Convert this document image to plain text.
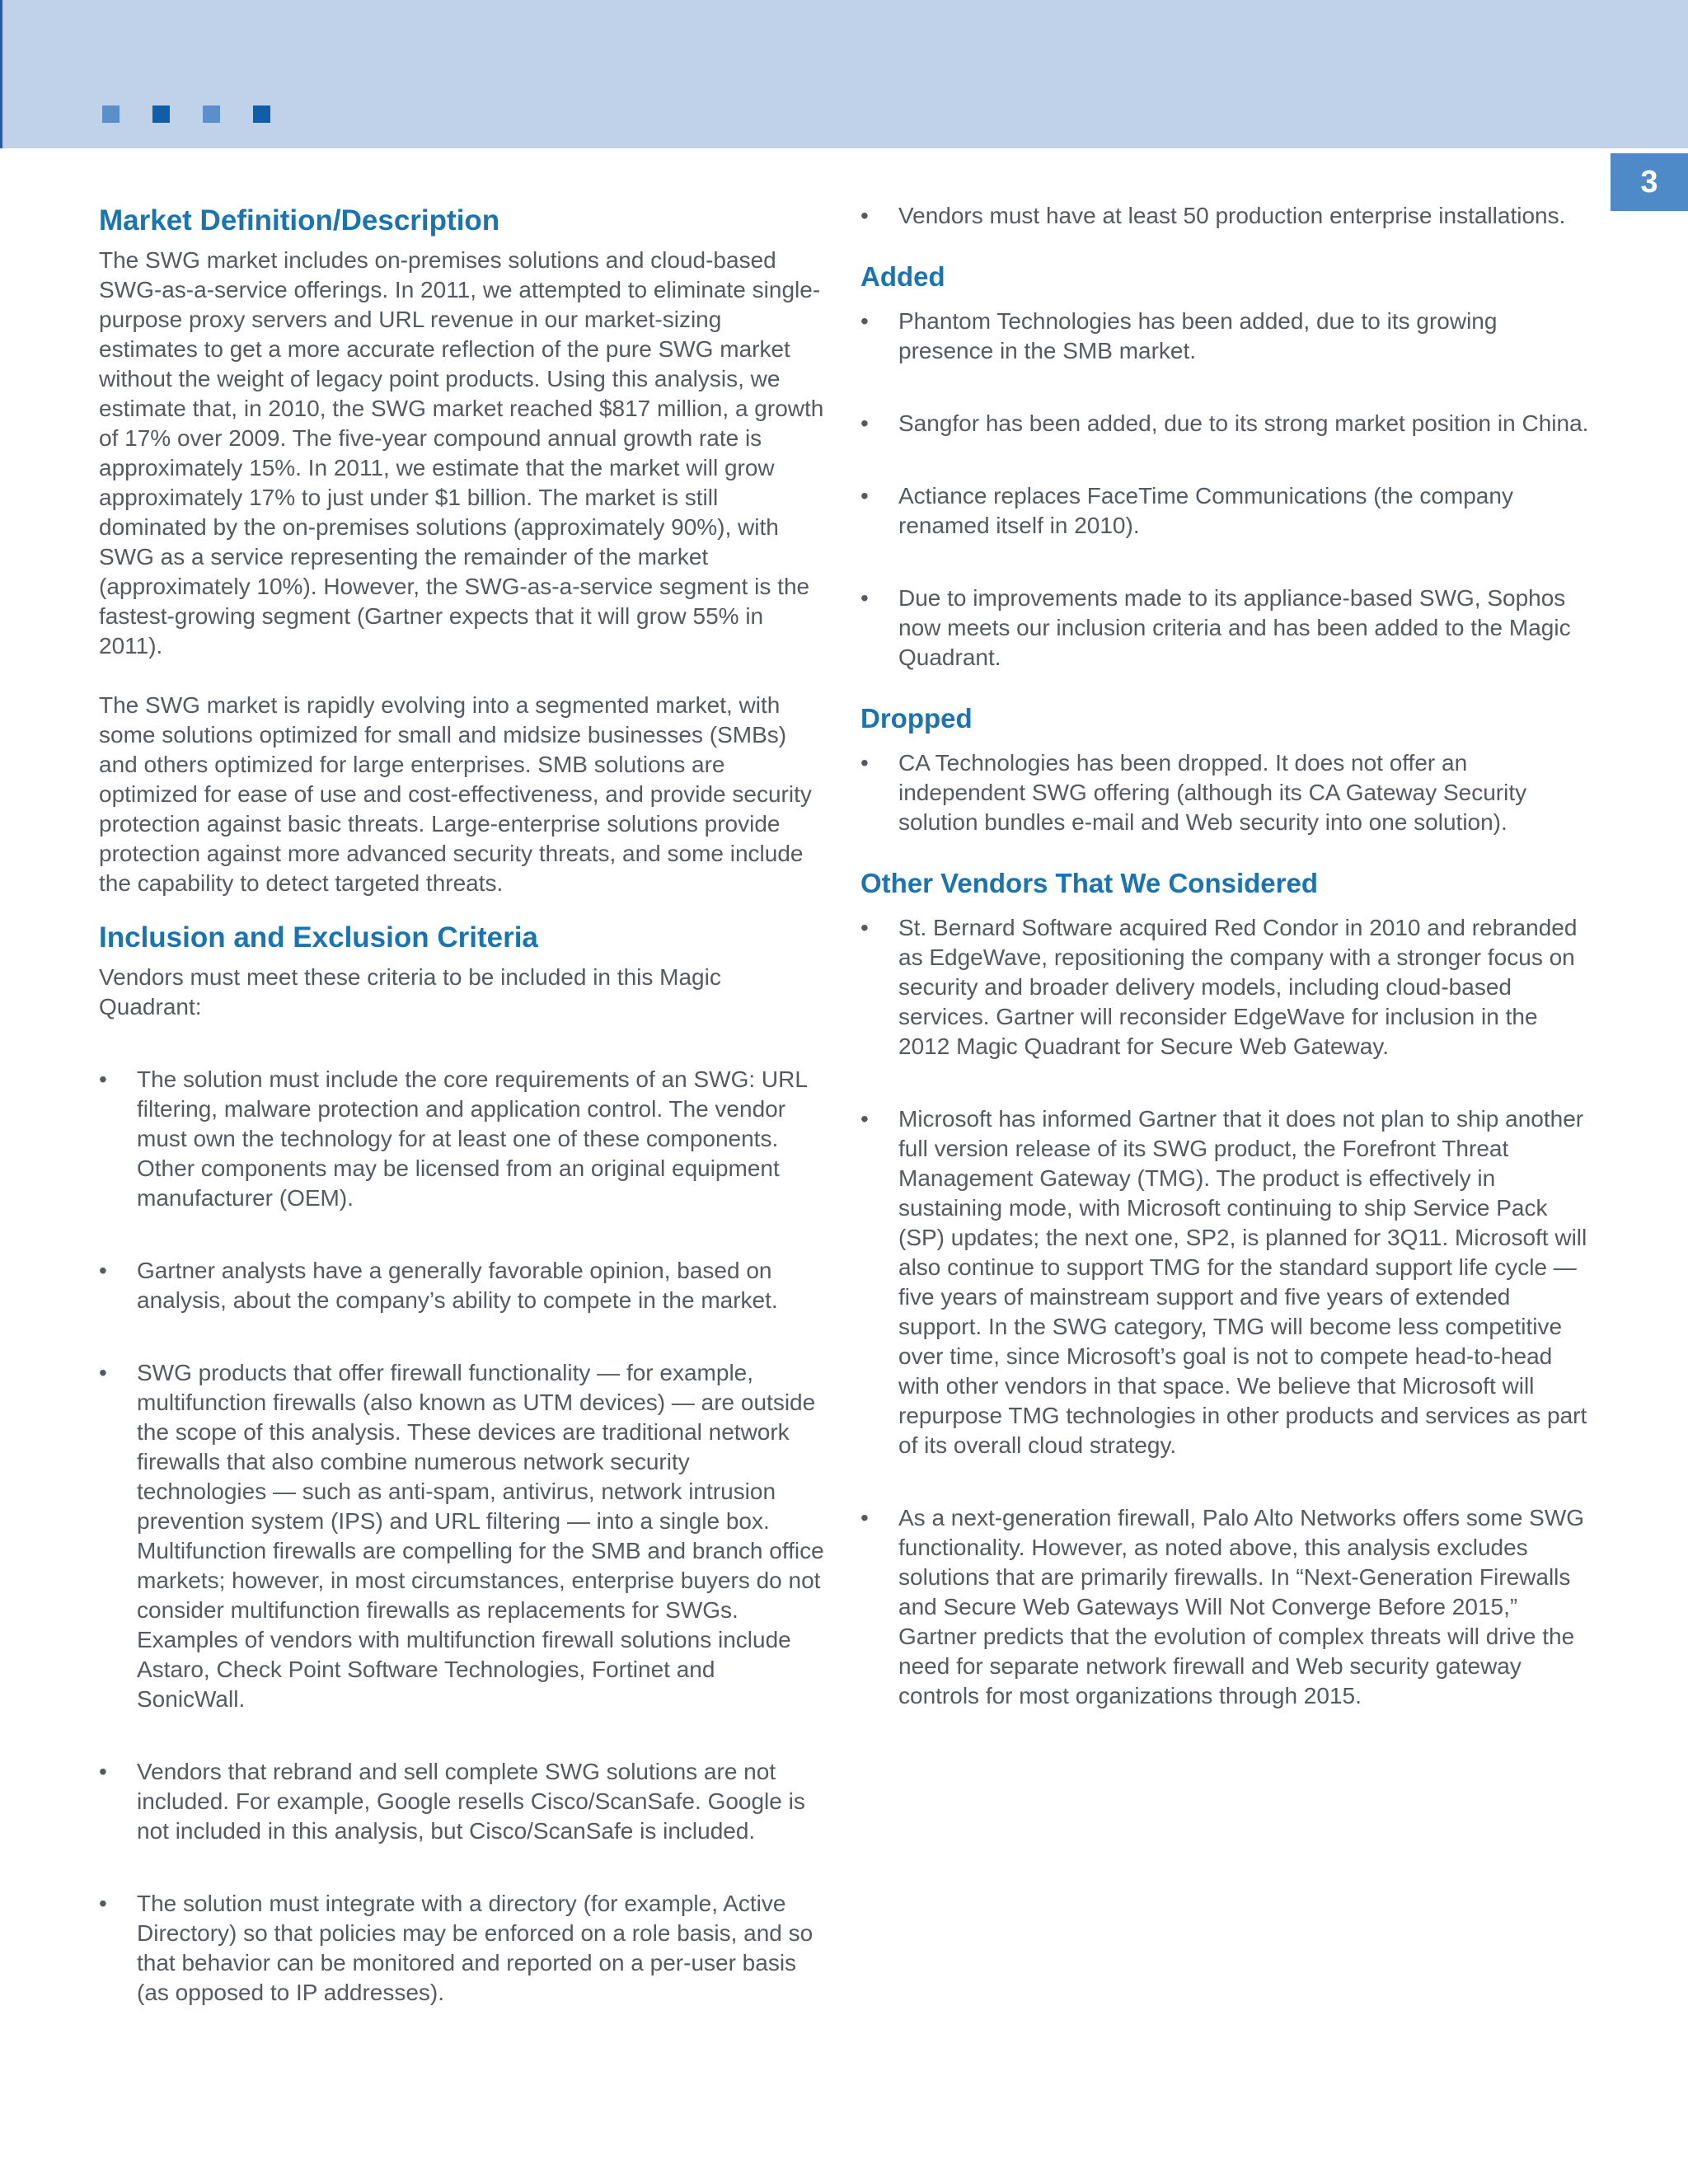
3
Market Definition/Description

The SWG market includes on-premises solutions and cloud-based SWG-as-a-service offerings. In 2011, we attempted to eliminate single-purpose proxy servers and URL revenue in our market-sizing estimates to get a more accurate reflection of the pure SWG market without the weight of legacy point products. Using this analysis, we estimate that, in 2010, the SWG market reached $817 million, a growth of 17% over 2009. The five-year compound annual growth rate is approximately 15%. In 2011, we estimate that the market will grow approximately 17% to just under $1 billion. The market is still dominated by the on-premises solutions (approximately 90%), with SWG as a service representing the remainder of the market (approximately 10%). However, the SWG-as-a-service segment is the fastest-growing segment (Gartner expects that it will grow 55% in 2011).

The SWG market is rapidly evolving into a segmented market, with some solutions optimized for small and midsize businesses (SMBs) and others optimized for large enterprises. SMB solutions are optimized for ease of use and cost-effectiveness, and provide security protection against basic threats. Large-enterprise solutions provide protection against more advanced security threats, and some include the capability to detect targeted threats.

Inclusion and Exclusion Criteria

Vendors must meet these criteria to be included in this Magic Quadrant:

• The solution must include the core requirements of an SWG: URL filtering, malware protection and application control. The vendor must own the technology for at least one of these components. Other components may be licensed from an original equipment manufacturer (OEM).
• Gartner analysts have a generally favorable opinion, based on analysis, about the company’s ability to compete in the market.
• SWG products that offer firewall functionality — for example, multifunction firewalls (also known as UTM devices) — are outside the scope of this analysis. These devices are traditional network firewalls that also combine numerous network security technologies — such as anti-spam, antivirus, network intrusion prevention system (IPS) and URL filtering — into a single box. Multifunction firewalls are compelling for the SMB and branch office markets; however, in most circumstances, enterprise buyers do not consider multifunction firewalls as replacements for SWGs. Examples of vendors with multifunction firewall solutions include Astaro, Check Point Software Technologies, Fortinet and SonicWall.
• Vendors that rebrand and sell complete SWG solutions are not included. For example, Google resells Cisco/ScanSafe. Google is not included in this analysis, but Cisco/ScanSafe is included.
• The solution must integrate with a directory (for example, Active Directory) so that policies may be enforced on a role basis, and so that behavior can be monitored and reported on a per-user basis (as opposed to IP addresses).
• Vendors must have at least 50 production enterprise installations.
Added
• Phantom Technologies has been added, due to its growing presence in the SMB market.
• Sangfor has been added, due to its strong market position in China.
• Actiance replaces FaceTime Communications (the company renamed itself in 2010).
• Due to improvements made to its appliance-based SWG, Sophos now meets our inclusion criteria and has been added to the Magic Quadrant.
Dropped
• CA Technologies has been dropped. It does not offer an independent SWG offering (although its CA Gateway Security solution bundles e-mail and Web security into one solution).
Other Vendors That We Considered
• St. Bernard Software acquired Red Condor in 2010 and rebranded as EdgeWave, repositioning the company with a stronger focus on security and broader delivery models, including cloud-based services. Gartner will reconsider EdgeWave for inclusion in the 2012 Magic Quadrant for Secure Web Gateway.
• Microsoft has informed Gartner that it does not plan to ship another full version release of its SWG product, the Forefront Threat Management Gateway (TMG). The product is effectively in sustaining mode, with Microsoft continuing to ship Service Pack (SP) updates; the next one, SP2, is planned for 3Q11. Microsoft will also continue to support TMG for the standard support life cycle — five years of mainstream support and five years of extended support. In the SWG category, TMG will become less competitive over time, since Microsoft’s goal is not to compete head-to-head with other vendors in that space. We believe that Microsoft will repurpose TMG technologies in other products and services as part of its overall cloud strategy.
• As a next-generation firewall, Palo Alto Networks offers some SWG functionality. However, as noted above, this analysis excludes solutions that are primarily firewalls. In “Next-Generation Firewalls and Secure Web Gateways Will Not Converge Before 2015,” Gartner predicts that the evolution of complex threats will drive the need for separate network firewall and Web security gateway controls for most organizations through 2015.
